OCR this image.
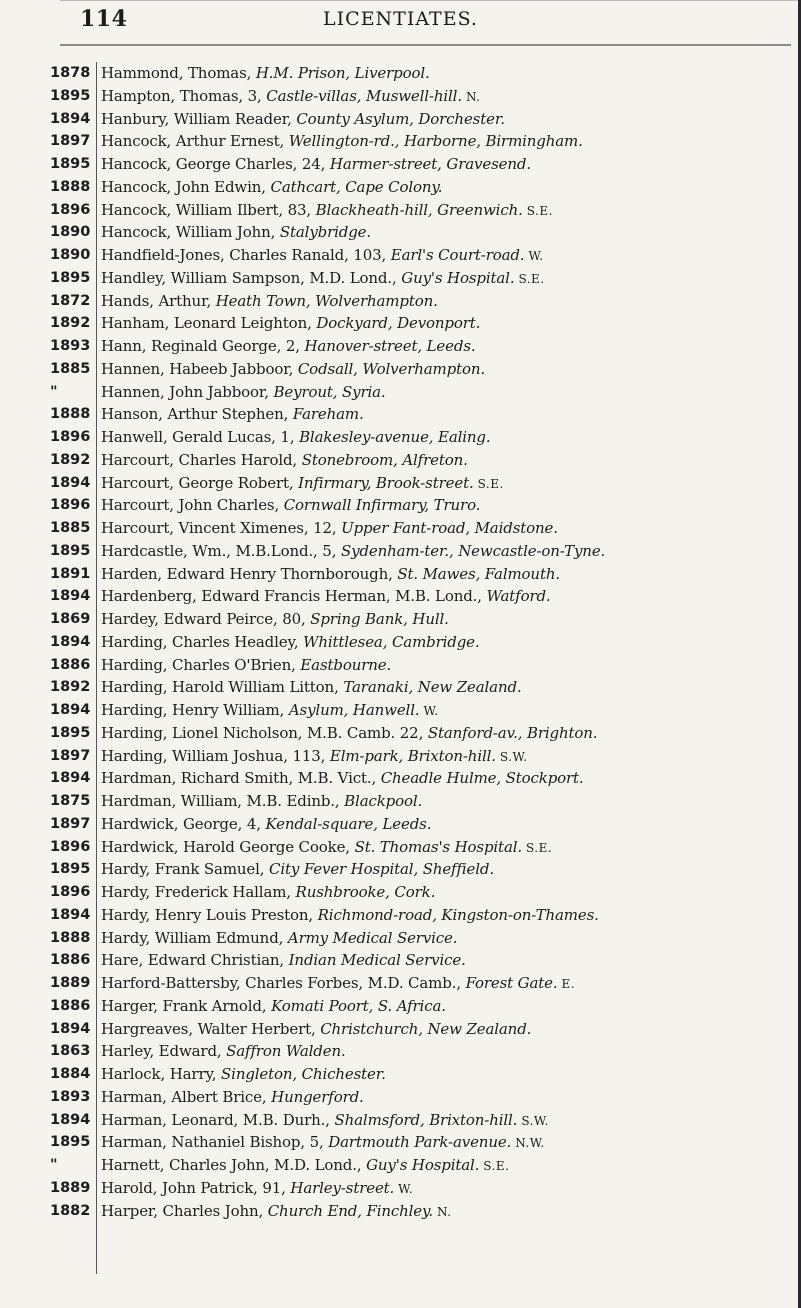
114	LICENTIATES.
1878 Hammond, Thomas, H.M. Prison, Liverpool.
1895 Hampton, Thomas, 3, Castle-villas, Muswell-hill. N.
1894 Hanbury, William Reader, County Asylum, Dorchester.
1897 Hancock, Arthur Ernest, Wellington-rd., Harborne, Birmingham.
1895 Hancock, George Charles, 24, Harmer-street, Gravesend.
1888 Hancock, John Edwin, Cathcart, Cape Colony.
1896 Hancock, William Ilbert, 83, Blackheath-hill, Greenwich. S.E.
1890 Hancock, William John, Stalybridge.
1890 Handfield-Jones, Charles Ranald, 103, Earl's Court-road. W.
1895 Handley, William Sampson, M.D. Lond., Guy's Hospital. S.E.
1872 Hands, Arthur, Heath Town, Wolverhampton.
1892 Hanham, Leonard Leighton, Dockyard, Devonport.
1893 Hann, Reginald George, 2, Hanover-street, Leeds.
1885 Hannen, Habeeb Jabboor, Codsall, Wolverhampton.
"	Hannen, John Jabboor, Beyrout, Syria.
1888 Hanson, Arthur Stephen, Fareham.
1896 Hanwell, Gerald Lucas, 1, Blakesley-avenue, Ealing.
1892 Harcourt, Charles Harold, Stonebroom, Alfreton.
1894 Harcourt, George Robert, Infirmary, Brook-street. S.E.
1896 Harcourt, John Charles, Cornwall Infirmary, Truro.
1885 Harcourt, Vincent Ximenes, 12, Upper Fant-road, Maidstone.
1895 Hardcastle, Wm., M.B.Lond., 5, Sydenham-ter., Newcastle-on-Tyne.
1891 Harden, Edward Henry Thornborough, St. Mawes, Falmouth.
1894 Hardenberg, Edward Francis Herman, M.B. Lond., Watford.
1869 Hardey, Edward Peirce, 80, Spring Bank, Hull.
1894 Harding, Charles Headley, Whittlesea, Cambridge.
1886 Harding, Charles O'Brien, Eastbourne.
1892 Harding, Harold William Litton, Taranaki, New Zealand.
1894 Harding, Henry William, Asylum, Hanwell. W.
1895 Harding, Lionel Nicholson, M.B. Camb. 22, Stanford-av., Brighton.
1897 Harding, William Joshua, 113, Elm-park, Brixton-hill. S.W.
1894 Hardman, Richard Smith, M.B. Vict., Cheadle Hulme, Stockport.
1875 Hardman, William, M.B. Edinb., Blackpool.
1897 Hardwick, George, 4, Kendal-square, Leeds.
1896 Hardwick, Harold George Cooke, St. Thomas's Hospital. S.E.
1895 Hardy, Frank Samuel, City Fever Hospital, Sheffield.
1896 Hardy, Frederick Hallam, Rushbrooke, Cork.
1894 Hardy, Henry Louis Preston, Richmond-road, Kingston-on-Thames.
1888 Hardy, William Edmund, Army Medical Service.
1886 Hare, Edward Christian, Indian Medical Service.
1889 Harford-Battersby, Charles Forbes, M.D. Camb., Forest Gate. E.
1886 Harger, Frank Arnold, Komati Poort, S. Africa.
1894 Hargreaves, Walter Herbert, Christchurch, New Zealand.
1863 Harley, Edward, Saffron Walden.
1884 Harlock, Harry, Singleton, Chichester.
1893 Harman, Albert Brice, Hungerford.
1894 Harman, Leonard, M.B. Durh., Shalmsford, Brixton-hill. S.W.
1895 Harman, Nathaniel Bishop, 5, Dartmouth Park-avenue. N.W.
"	Harnett, Charles John, M.D. Lond., Guy's Hospital. S.E.
1889 Harold, John Patrick, 91, Harley-street. W.
1882 Harper, Charles John, Church End, Finchley. N.
